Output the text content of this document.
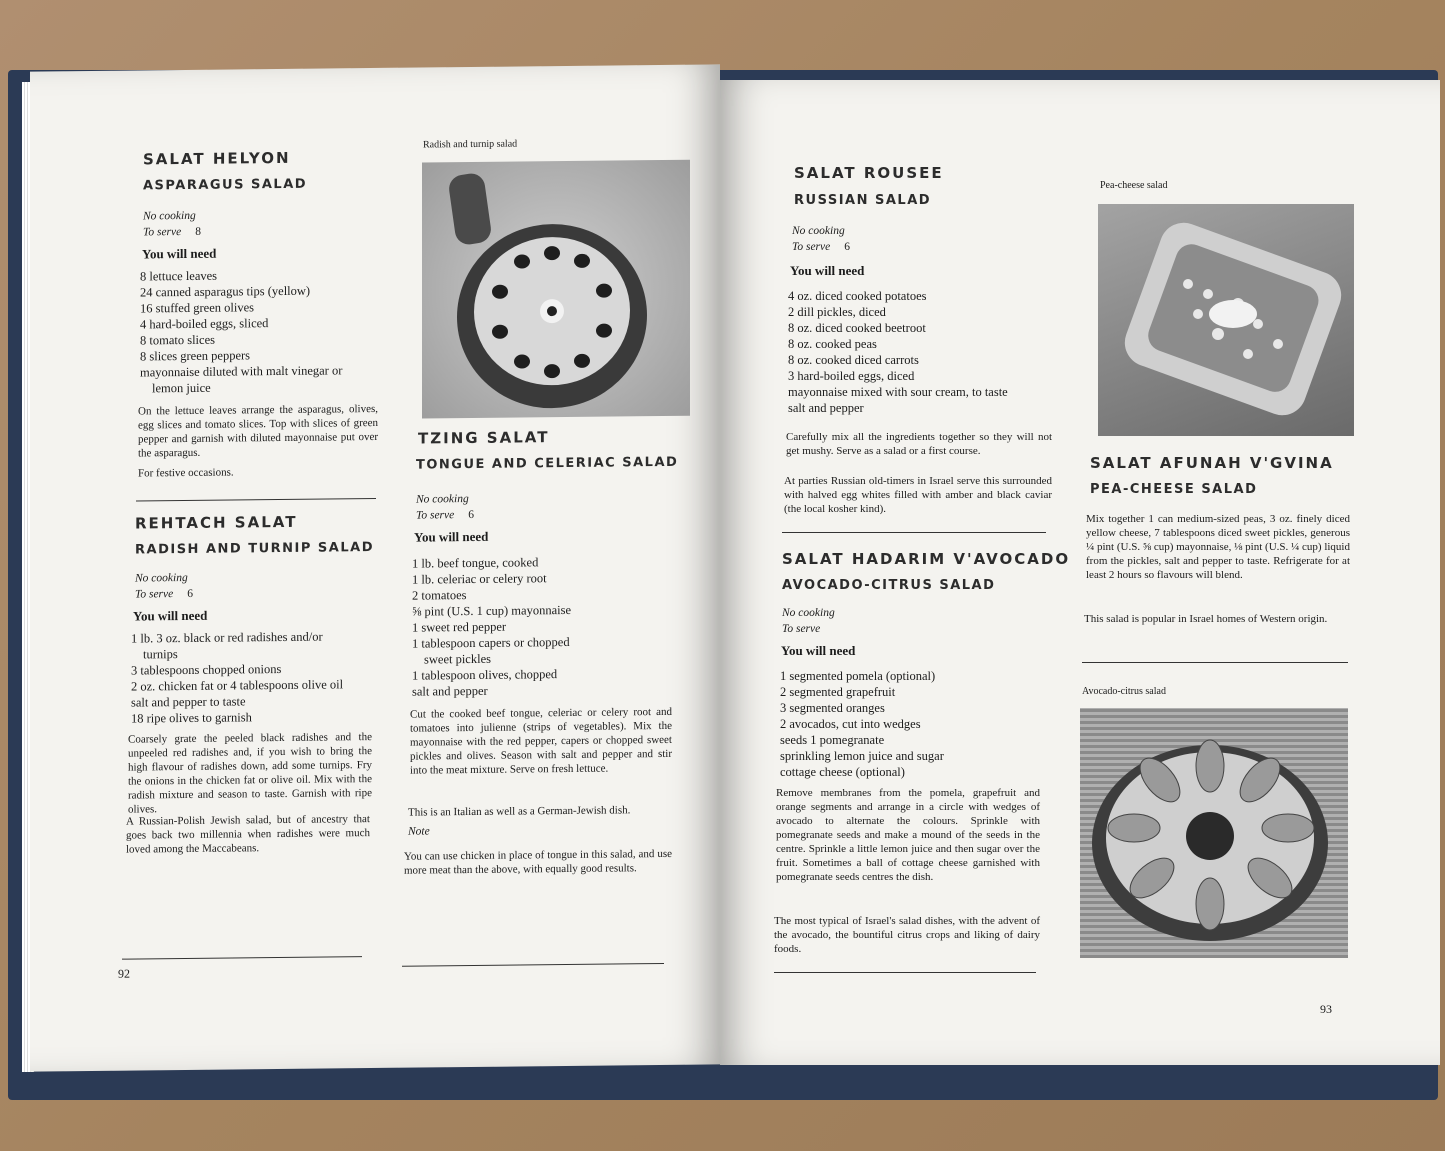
SALAT HELYON
ASPARAGUS SALAD
No cooking
To serve 8
You will need
8 lettuce leaves
24 canned asparagus tips (yellow)
16 stuffed green olives
4 hard-boiled eggs, sliced
8 tomato slices
8 slices green peppers
mayonnaise diluted with malt vinegar or
lemon juice
On the lettuce leaves arrange the asparagus, olives, egg slices and tomato slices. Top with slices of green pepper and garnish with diluted mayonnaise put over the asparagus.
For festive occasions.
REHTACH SALAT
RADISH AND TURNIP SALAD
No cooking
To serve 6
You will need
1 lb. 3 oz. black or red radishes and/or
turnips
3 tablespoons chopped onions
2 oz. chicken fat or 4 tablespoons olive oil
salt and pepper to taste
18 ripe olives to garnish
Coarsely grate the peeled black radishes and the unpeeled red radishes and, if you wish to bring the high flavour of radishes down, add some turnips. Fry the onions in the chicken fat or olive oil. Mix with the radish mixture and season to taste. Garnish with ripe olives.
A Russian-Polish Jewish salad, but of ancestry that goes back two millennia when radishes were much loved among the Maccabeans.
92
Radish and turnip salad
TZING SALAT
TONGUE AND CELERIAC SALAD
No cooking
To serve 6
You will need
1 lb. beef tongue, cooked
1 lb. celeriac or celery root
2 tomatoes
⅝ pint (U.S. 1 cup) mayonnaise
1 sweet red pepper
1 tablespoon capers or chopped
sweet pickles
1 tablespoon olives, chopped
salt and pepper
Cut the cooked beef tongue, celeriac or celery root and tomatoes into julienne (strips of vegetables). Mix the mayonnaise with the red pepper, capers or chopped sweet pickles and olives. Season with salt and pepper and stir into the meat mixture. Serve on fresh lettuce.
This is an Italian as well as a German-Jewish dish.
Note
You can use chicken in place of tongue in this salad, and use more meat than the above, with equally good results.
SALAT ROUSEE
RUSSIAN SALAD
No cooking
To serve 6
You will need
4 oz. diced cooked potatoes
2 dill pickles, diced
8 oz. diced cooked beetroot
8 oz. cooked peas
8 oz. cooked diced carrots
3 hard-boiled eggs, diced
mayonnaise mixed with sour cream, to taste
salt and pepper
Carefully mix all the ingredients together so they will not get mushy. Serve as a salad or a first course.
At parties Russian old-timers in Israel serve this surrounded with halved egg whites filled with amber and black caviar (the local kosher kind).
SALAT HADARIM V'AVOCADO
AVOCADO-CITRUS SALAD
No cooking
To serve
You will need
1 segmented pomela (optional)
2 segmented grapefruit
3 segmented oranges
2 avocados, cut into wedges
seeds 1 pomegranate
sprinkling lemon juice and sugar
cottage cheese (optional)
Remove membranes from the pomela, grapefruit and orange segments and arrange in a circle with wedges of avocado to alternate the colours. Sprinkle with pomegranate seeds and make a mound of the seeds in the centre. Sprinkle a little lemon juice and then sugar over the fruit. Sometimes a ball of cottage cheese garnished with pomegranate seeds centres the dish.
The most typical of Israel's salad dishes, with the advent of the avocado, the bountiful citrus crops and liking of dairy foods.
Pea-cheese salad
SALAT AFUNAH V'GVINA
PEA-CHEESE SALAD
Mix together 1 can medium-sized peas, 3 oz. finely diced yellow cheese, 7 tablespoons diced sweet pickles, generous ¼ pint (U.S. ⅝ cup) mayonnaise, ⅛ pint (U.S. ¼ cup) liquid from the pickles, salt and pepper to taste. Refrigerate for at least 2 hours so flavours will blend.
This salad is popular in Israel homes of Western origin.
Avocado-citrus salad
93
